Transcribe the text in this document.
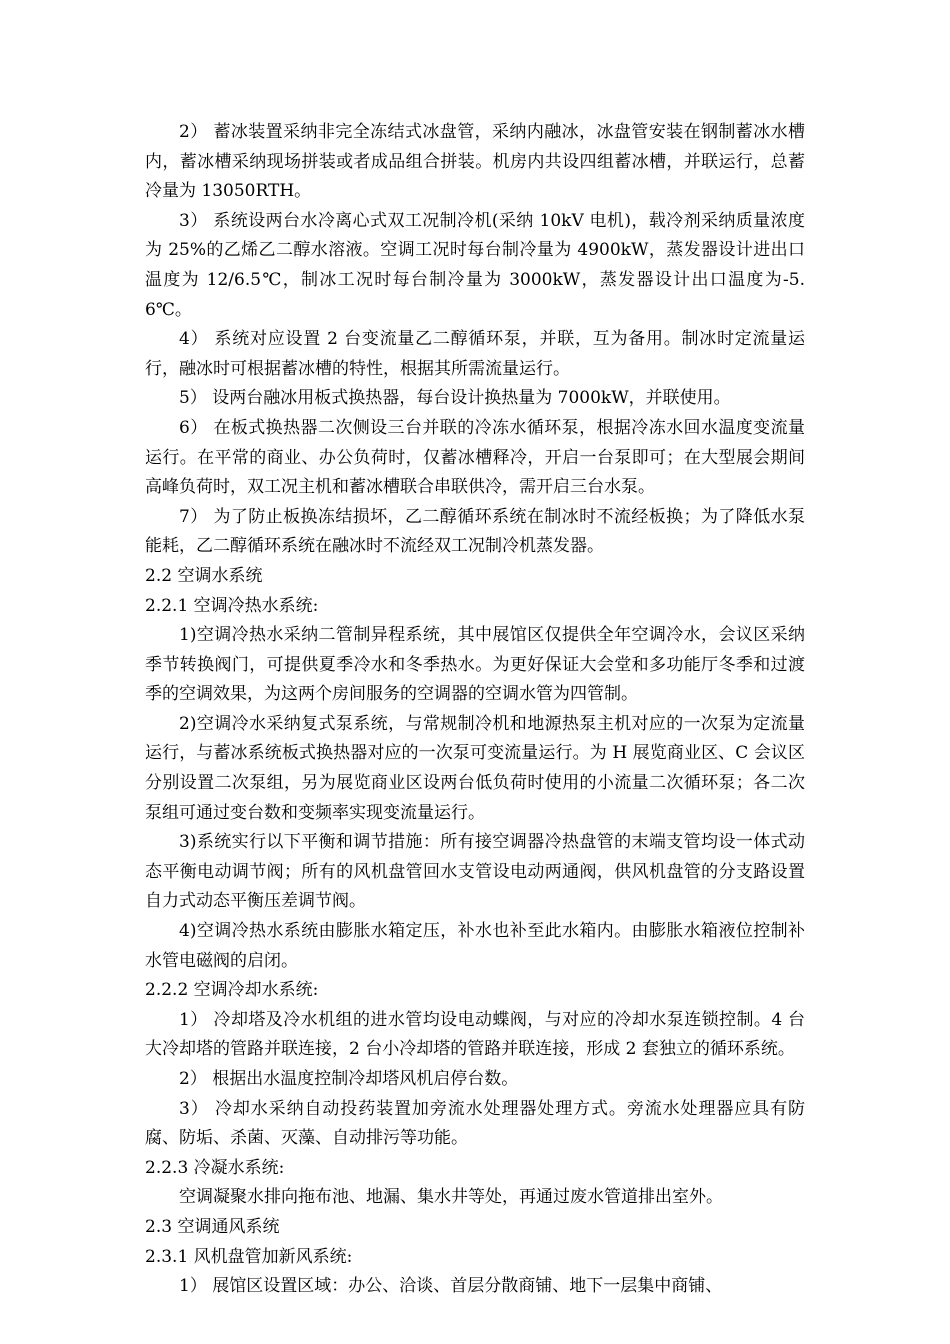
2） 蓄冰装置采纳非完全冻结式冰盘管，采纳内融冰，冰盘管安装在钢制蓄冰水槽内，蓄冰槽采纳现场拼装或者成品组合拼装。机房内共设四组蓄冰槽，并联运行，总蓄冷量为 13050RTH。

3） 系统设两台水冷离心式双工况制冷机(采纳 10kV 电机)，载冷剂采纳质量浓度为 25%的乙烯乙二醇水溶液。空调工况时每台制冷量为 4900kW，蒸发器设计进出口温度为 12/6.5℃，制冰工况时每台制冷量为 3000kW，蒸发器设计出口温度为-5.6℃。

4） 系统对应设置 2 台变流量乙二醇循环泵，并联，互为备用。制冰时定流量运行，融冰时可根据蓄冰槽的特性，根据其所需流量运行。

5） 设两台融冰用板式换热器，每台设计换热量为 7000kW，并联使用。

6） 在板式换热器二次侧设三台并联的冷冻水循环泵，根据冷冻水回水温度变流量运行。在平常的商业、办公负荷时，仅蓄冰槽释冷，开启一台泵即可；在大型展会期间高峰负荷时，双工况主机和蓄冰槽联合串联供冷，需开启三台水泵。

7） 为了防止板换冻结损坏，乙二醇循环系统在制冰时不流经板换；为了降低水泵能耗，乙二醇循环系统在融冰时不流经双工况制冷机蒸发器。

2.2 空调水系统

2.2.1 空调冷热水系统:

1)空调冷热水采纳二管制异程系统，其中展馆区仅提供全年空调冷水，会议区采纳季节转换阀门，可提供夏季冷水和冬季热水。为更好保证大会堂和多功能厅冬季和过渡季的空调效果，为这两个房间服务的空调器的空调水管为四管制。

2)空调冷水采纳复式泵系统，与常规制冷机和地源热泵主机对应的一次泵为定流量运行，与蓄冰系统板式换热器对应的一次泵可变流量运行。为 H 展览商业区、C 会议区分别设置二次泵组，另为展览商业区设两台低负荷时使用的小流量二次循环泵；各二次泵组可通过变台数和变频率实现变流量运行。

3)系统实行以下平衡和调节措施：所有接空调器冷热盘管的末端支管均设一体式动态平衡电动调节阀；所有的风机盘管回水支管设电动两通阀，供风机盘管的分支路设置自力式动态平衡压差调节阀。

4)空调冷热水系统由膨胀水箱定压，补水也补至此水箱内。由膨胀水箱液位控制补水管电磁阀的启闭。

2.2.2 空调冷却水系统:

1） 冷却塔及冷水机组的进水管均设电动蝶阀，与对应的冷却水泵连锁控制。4 台大冷却塔的管路并联连接，2 台小冷却塔的管路并联连接，形成 2 套独立的循环系统。

2） 根据出水温度控制冷却塔风机启停台数。

3） 冷却水采纳自动投药装置加旁流水处理器处理方式。旁流水处理器应具有防腐、防垢、杀菌、灭藻、自动排污等功能。

2.2.3 冷凝水系统:

空调凝聚水排向拖布池、地漏、集水井等处，再通过废水管道排出室外。

2.3 空调通风系统

2.3.1 风机盘管加新风系统:

1） 展馆区设置区域：办公、洽谈、首层分散商铺、地下一层集中商铺、
